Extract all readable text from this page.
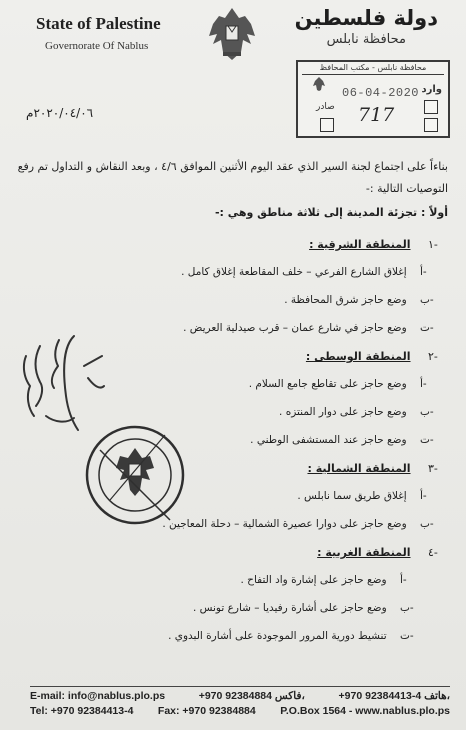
State of Palestine
Governorate Of Nablus
دولة فلسطين
محافظة نابلس
محافظة نابلس - مكتب المحافظ
وارد
06-04-2020
صادر 717
٢٠٢٠/٠٤/٠٦م
بناءاً على اجتماع لجنة السير الذي عقد اليوم الأثنين الموافق ٤/٦ ، وبعد النقاش و التداول تم رفع
التوصيات التالية :-
أولاً : تجزئة المدينة إلى ثلاثة مناطق وهي :-
١-     المنطقة الشرقية :
أ-    إغلاق الشارع الفرعي – خلف المقاطعة إغلاق كامل .
ب-    وضع حاجز شرق المحافظة .
ت-    وضع حاجز في شارع عمان – قرب صيدلية العريض .
٢-     المنطقة الوسطى :
أ-    وضع حاجز على تقاطع جامع السلام .
ب-    وضع حاجز على دوار المنتزه .
ت-    وضع حاجز عند المستشفى الوطني .
٣-     المنطقة الشمالية :
أ-    إغلاق طريق سما نابلس .
ب-    وضع حاجز على دوارا عصيرة الشمالية – دحلة المعاجين .
٤-     المنطقة الغربية :
أ-    وضع حاجز على إشارة واد التفاح .
ب-    وضع حاجز على أشارة رفيديا – شارع تونس .
ت-    تنشيط دورية المرور الموجودة على أشارة البدوي .
E-mail: info@nablus.plo.ps	+970 92384884 فاكس،	+970 92384413-4 هاتف،
Tel: +970 92384413-4 Fax: +970 92384884 P.O.Box 1564 - www.nablus.plo.ps
